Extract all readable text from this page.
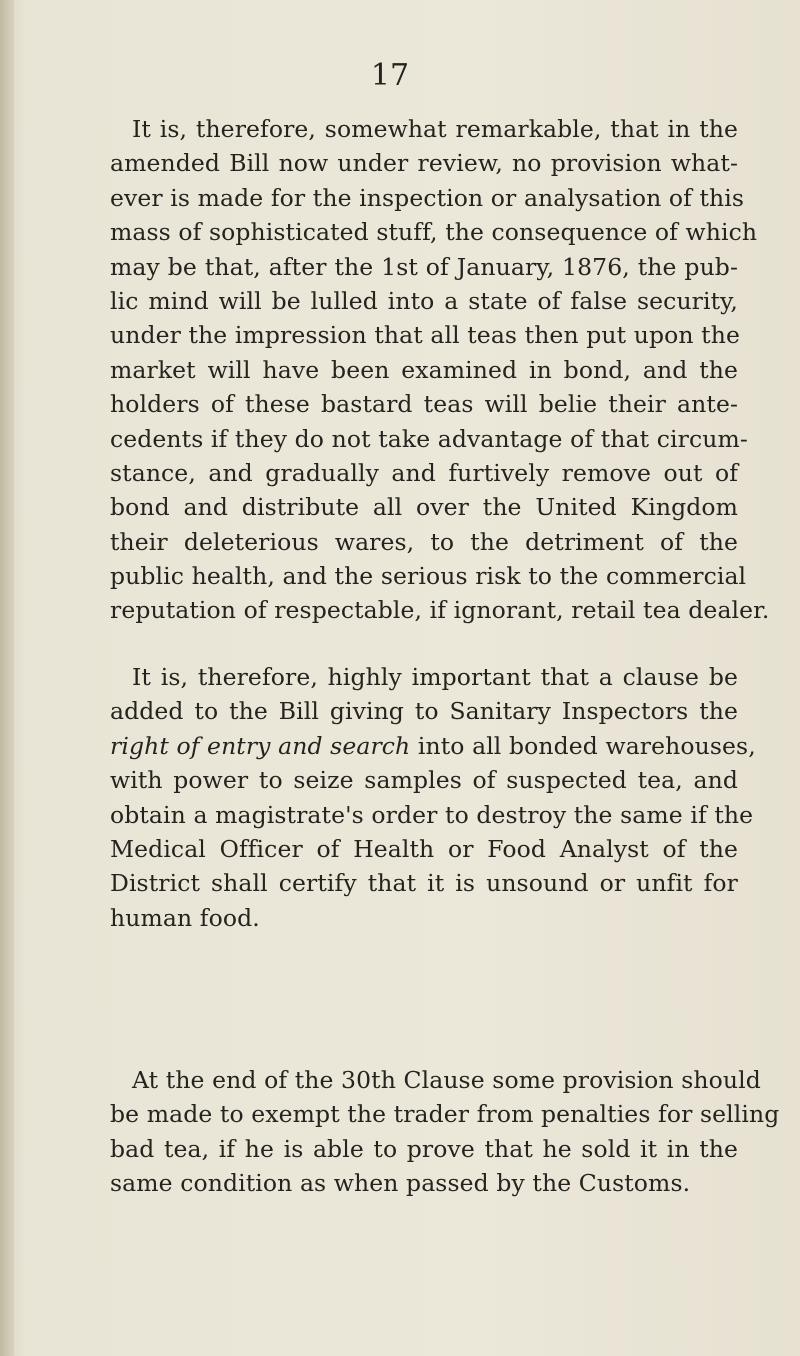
17
It is, therefore, somewhat remarkable, that in the
amended Bill now under review, no provision what-
ever is made for the inspection or analysation of this
mass of sophisticated stuff, the consequence of which
may be that, after the 1st of January, 1876, the pub-
lic mind will be lulled into a state of false security,
under the impression that all teas then put upon the
market will have been examined in bond, and the
holders of these bastard teas will belie their ante-
cedents if they do not take advantage of that circum-
stance, and gradually and furtively remove out of
bond and distribute all over the United Kingdom
their deleterious wares, to the detriment of the
public health, and the serious risk to the commercial
reputation of respectable, if ignorant, retail tea dealer.
It is, therefore, highly important that a clause be
added to the Bill giving to Sanitary Inspectors the
right of entry and search into all bonded warehouses,
with power to seize samples of suspected tea, and
obtain a magistrate's order to destroy the same if the
Medical Officer of Health or Food Analyst of the
District shall certify that it is unsound or unfit for
human food.
At the end of the 30th Clause some provision should
be made to exempt the trader from penalties for selling
bad tea, if he is able to prove that he sold it in the
same condition as when passed by the Customs.
